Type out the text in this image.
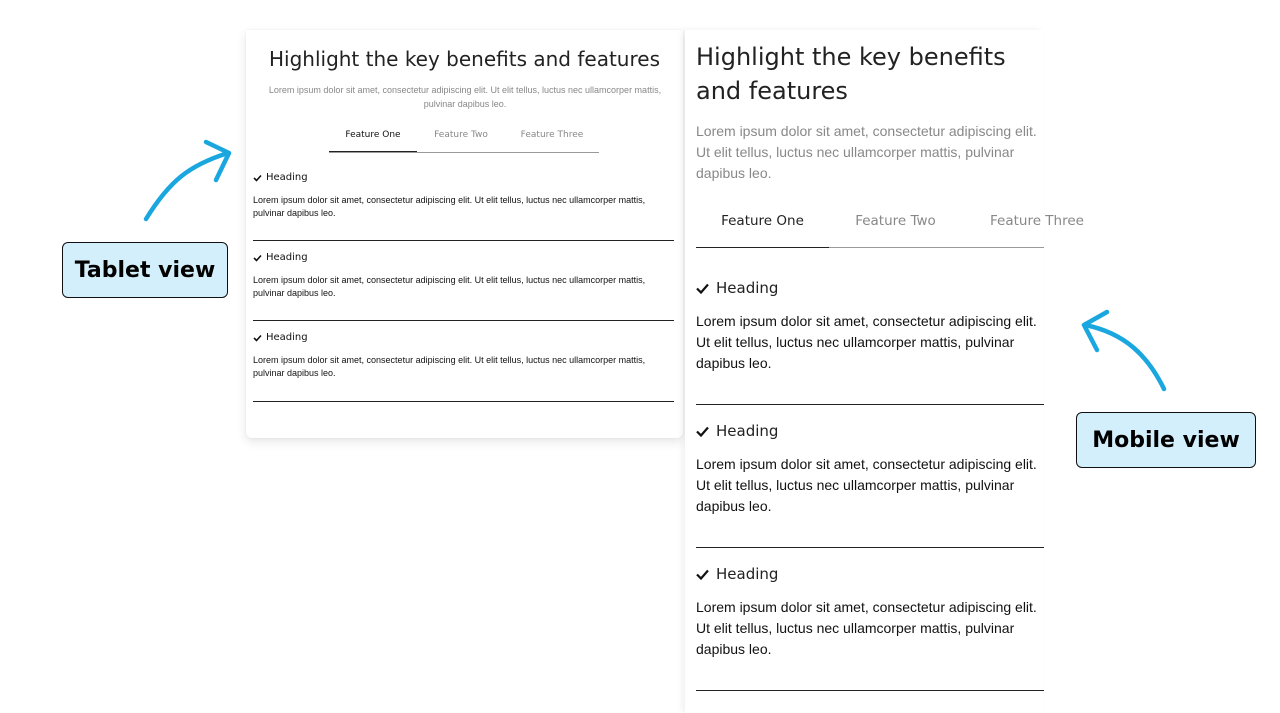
Tablet view
Mobile view
Highlight the key benefits and features
Lorem ipsum dolor sit amet, consectetur adipiscing elit. Ut elit tellus, luctus nec ullamcorper mattis, pulvinar dapibus leo.
Feature One	Feature Two	Feature Three
Heading
Lorem ipsum dolor sit amet, consectetur adipiscing elit. Ut elit tellus, luctus nec ullamcorper mattis, pulvinar dapibus leo.
Heading
Lorem ipsum dolor sit amet, consectetur adipiscing elit. Ut elit tellus, luctus nec ullamcorper mattis, pulvinar dapibus leo.
Heading
Lorem ipsum dolor sit amet, consectetur adipiscing elit. Ut elit tellus, luctus nec ullamcorper mattis, pulvinar dapibus leo.
Highlight the key benefits and features
Lorem ipsum dolor sit amet, consectetur adipiscing elit. Ut elit tellus, luctus nec ullamcorper mattis, pulvinar dapibus leo.
Feature One	Feature Two	Feature Three
Heading
Lorem ipsum dolor sit amet, consectetur adipiscing elit. Ut elit tellus, luctus nec ullamcorper mattis, pulvinar dapibus leo.
Heading
Lorem ipsum dolor sit amet, consectetur adipiscing elit. Ut elit tellus, luctus nec ullamcorper mattis, pulvinar dapibus leo.
Heading
Lorem ipsum dolor sit amet, consectetur adipiscing elit. Ut elit tellus, luctus nec ullamcorper mattis, pulvinar dapibus leo.
